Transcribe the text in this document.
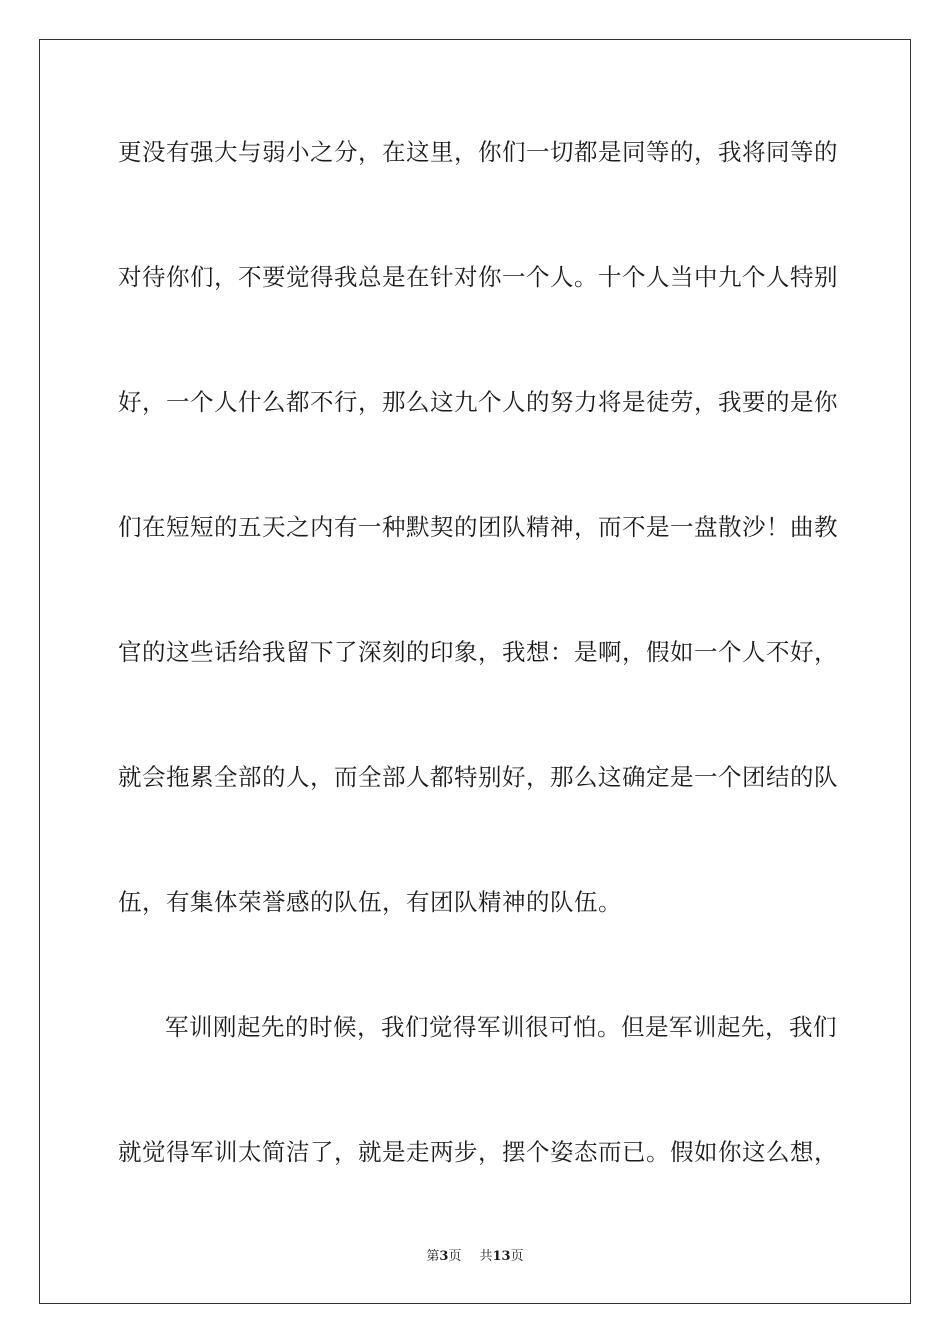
更没有强大与弱小之分，在这里，你们一切都是同等的，我将同等的
对待你们，不要觉得我总是在针对你一个人。十个人当中九个人特别
好，一个人什么都不行，那么这九个人的努力将是徒劳，我要的是你
们在短短的五天之内有一种默契的团队精神，而不是一盘散沙！曲教
官的这些话给我留下了深刻的印象，我想：是啊，假如一个人不好，
就会拖累全部的人，而全部人都特别好，那么这确定是一个团结的队
伍，有集体荣誉感的队伍，有团队精神的队伍。
军训刚起先的时候，我们觉得军训很可怕。但是军训起先，我们
就觉得军训太简洁了，就是走两步，摆个姿态而已。假如你这么想，
第3页 共13页
